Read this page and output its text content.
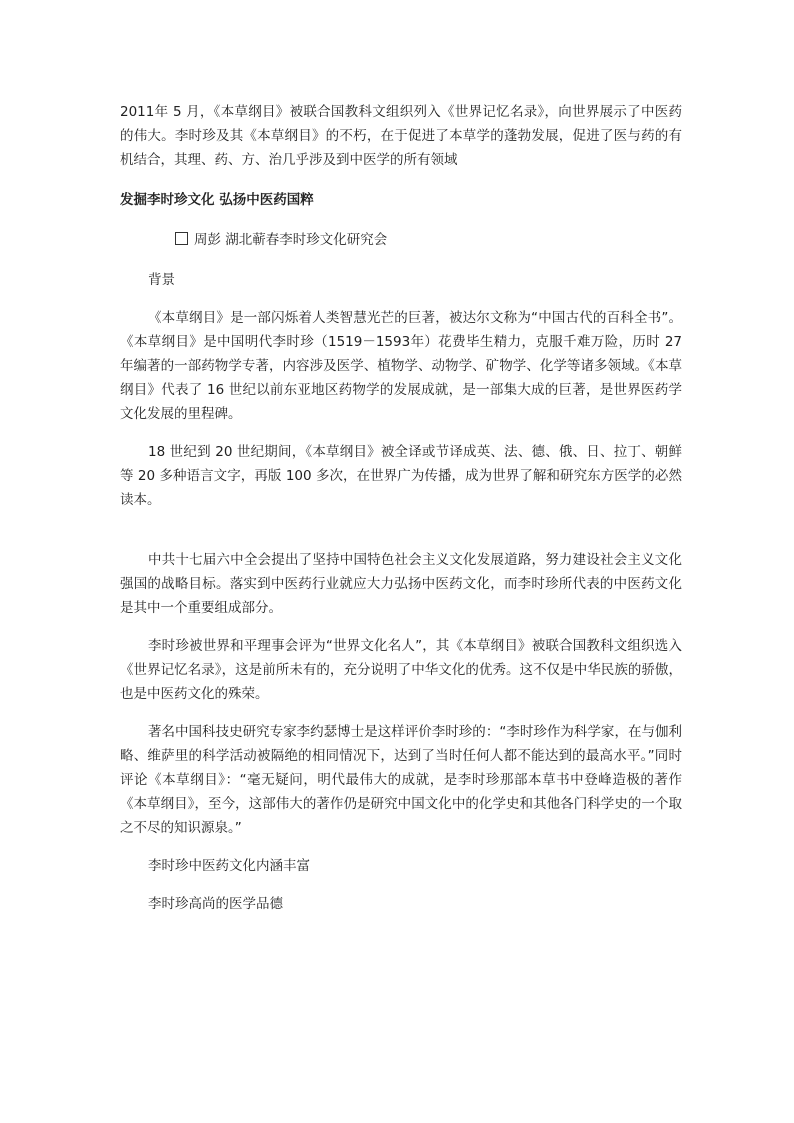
2011年 5 月，《本草纲目》被联合国教科文组织列入《世界记忆名录》，向世界展示了中医药的伟大。李时珍及其《本草纲目》的不朽，在于促进了本草学的蓬勃发展，促进了医与药的有机结合，其理、药、方、治几乎涉及到中医学的所有领域

发掘李时珍文化 弘扬中医药国粹

周彭 湖北蕲春李时珍文化研究会

背景

《本草纲目》是一部闪烁着人类智慧光芒的巨著，被达尔文称为“中国古代的百科全书”。《本草纲目》是中国明代李时珍（1519－1593年）花费毕生精力，克服千难万险，历时 27 年编著的一部药物学专著，内容涉及医学、植物学、动物学、矿物学、化学等诸多领域。《本草纲目》代表了 16 世纪以前东亚地区药物学的发展成就，是一部集大成的巨著，是世界医药学文化发展的里程碑。

18 世纪到 20 世纪期间，《本草纲目》被全译或节译成英、法、德、俄、日、拉丁、朝鲜等 20 多种语言文字，再版 100 多次，在世界广为传播，成为世界了解和研究东方医学的必然读本。

中共十七届六中全会提出了坚持中国特色社会主义文化发展道路，努力建设社会主义文化强国的战略目标。落实到中医药行业就应大力弘扬中医药文化，而李时珍所代表的中医药文化是其中一个重要组成部分。

李时珍被世界和平理事会评为“世界文化名人”，其《本草纲目》被联合国教科文组织选入《世界记忆名录》，这是前所未有的，充分说明了中华文化的优秀。这不仅是中华民族的骄傲，也是中医药文化的殊荣。

著名中国科技史研究专家李约瑟博士是这样评价李时珍的：“李时珍作为科学家，在与伽利略、维萨里的科学活动被隔绝的相同情况下，达到了当时任何人都不能达到的最高水平。”同时评论《本草纲目》：“毫无疑问，明代最伟大的成就，是李时珍那部本草书中登峰造极的著作《本草纲目》，至今，这部伟大的著作仍是研究中国文化中的化学史和其他各门科学史的一个取之不尽的知识源泉。”

李时珍中医药文化内涵丰富

李时珍高尚的医学品德
